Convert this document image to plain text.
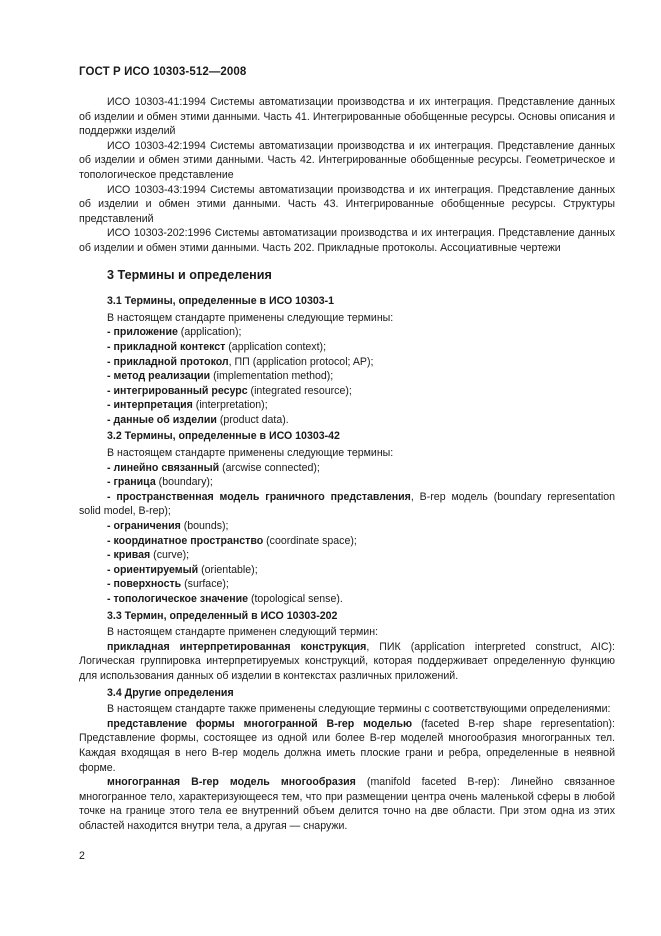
ГОСТ Р ИСО 10303-512—2008

ИСО 10303-41:1994 Системы автоматизации производства и их интеграция. Представление данных об изделии и обмен этими данными. Часть 41. Интегрированные обобщенные ресурсы. Основы описания и поддержки изделий

ИСО 10303-42:1994 Системы автоматизации производства и их интеграция. Представление данных об изделии и обмен этими данными. Часть 42. Интегрированные обобщенные ресурсы. Геометрическое и топологическое представление

ИСО 10303-43:1994 Системы автоматизации производства и их интеграция. Представление данных об изделии и обмен этими данными. Часть 43. Интегрированные обобщенные ресурсы. Структуры представлений

ИСО 10303-202:1996 Системы автоматизации производства и их интеграция. Представление данных об изделии и обмен этими данными. Часть 202. Прикладные протоколы. Ассоциативные чертежи

3 Термины и определения

3.1 Термины, определенные в ИСО 10303-1

В настоящем стандарте применены следующие термины:

- приложение (application);

- прикладной контекст (application context);

- прикладной протокол, ПП (application protocol; AP);

- метод реализации (implementation method);

- интегрированный ресурс (integrated resource);

- интерпретация (interpretation);

- данные об изделии (product data).

3.2 Термины, определенные в ИСО 10303-42

В настоящем стандарте применены следующие термины:

- линейно связанный (arcwise connected);

- граница (boundary);

- пространственная модель граничного представления, B-rep модель (boundary representation solid model, B-rep);

- ограничения (bounds);

- координатное пространство (coordinate space);

- кривая (curve);

- ориентируемый (orientable);

- поверхность (surface);

- топологическое значение (topological sense).

3.3 Термин, определенный в ИСО 10303-202

В настоящем стандарте применен следующий термин:

прикладная интерпретированная конструкция, ПИК (application interpreted construct, AIC): Логическая группировка интерпретируемых конструкций, которая поддерживает определенную функцию для использования данных об изделии в контекстах различных приложений.

3.4 Другие определения

В настоящем стандарте также применены следующие термины с соответствующими определениями:

представление формы многогранной B-rep моделью (faceted B-rep shape representation): Представление формы, состоящее из одной или более B-rep моделей многообразия многогранных тел. Каждая входящая в него B-rep модель должна иметь плоские грани и ребра, определенные в неявной форме.

многогранная B-rep модель многообразия (manifold faceted B-rep): Линейно связанное многогранное тело, характеризующееся тем, что при размещении центра очень маленькой сферы в любой точке на границе этого тела ее внутренний объем делится точно на две области. При этом одна из этих областей находится внутри тела, а другая — снаружи.

2
